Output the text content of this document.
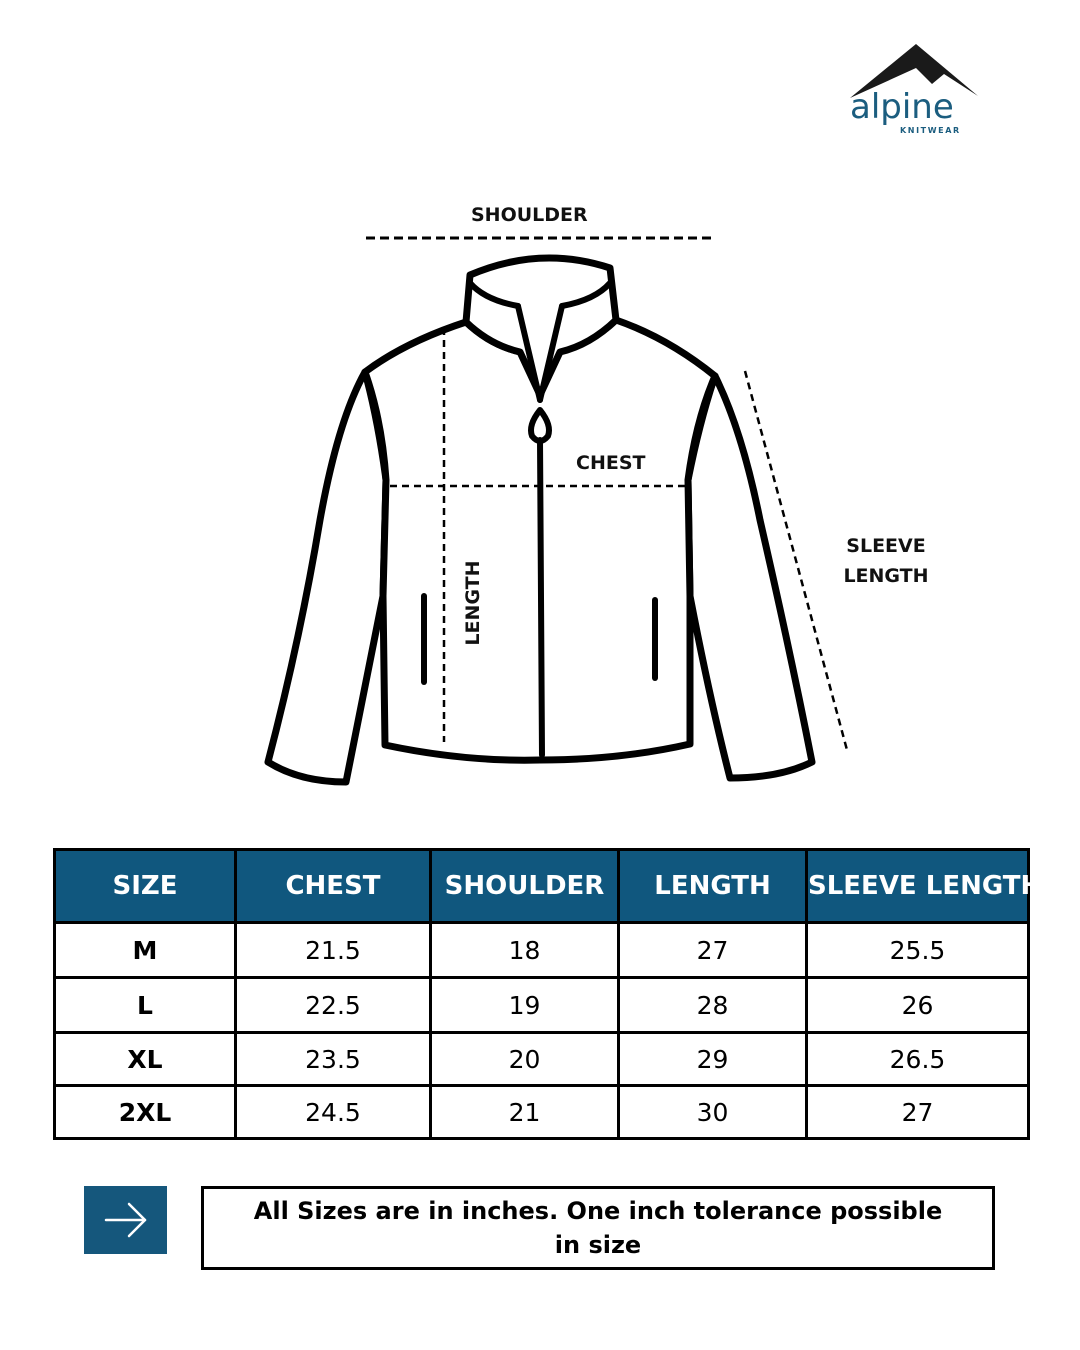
alpine
KNITWEAR
SHOULDER
CHEST
SLEEVE
LENGTH
LENGTH
SIZE	CHEST	SHOULDER	LENGTH	SLEEVE LENGTH
M	21.5	18	27	25.5
L	22.5	19	28	26
XL	23.5	20	29	26.5
2XL	24.5	21	30	27
All Sizes are in inches. One inch tolerance possible in size
